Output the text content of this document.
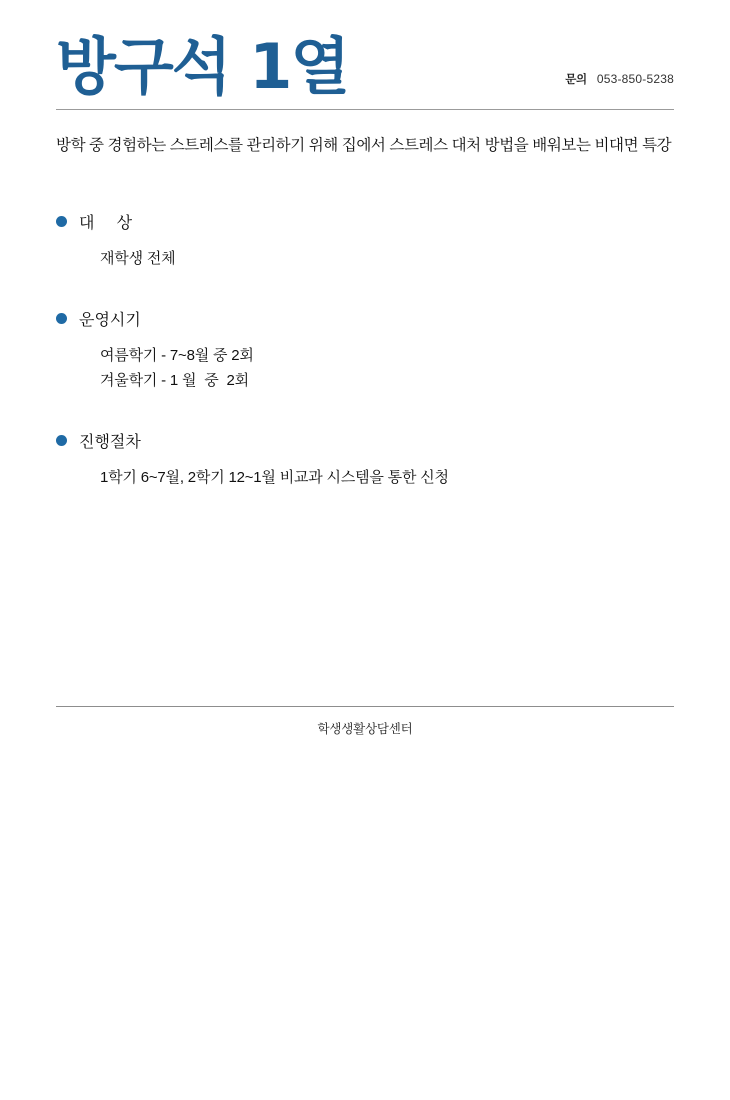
방구석 1열	문의 053-850-5238
방학 중 경험하는 스트레스를 관리하기 위해 집에서 스트레스 대처 방법을 배워보는 비대면 특강
대     상
재학생 전체
운영시기
여름학기 - 7~8월 중 2회
겨울학기 - 1 월  중  2회
진행절차
1학기 6~7월, 2학기 12~1월 비교과 시스템을 통한 신청
학생생활상담센터
